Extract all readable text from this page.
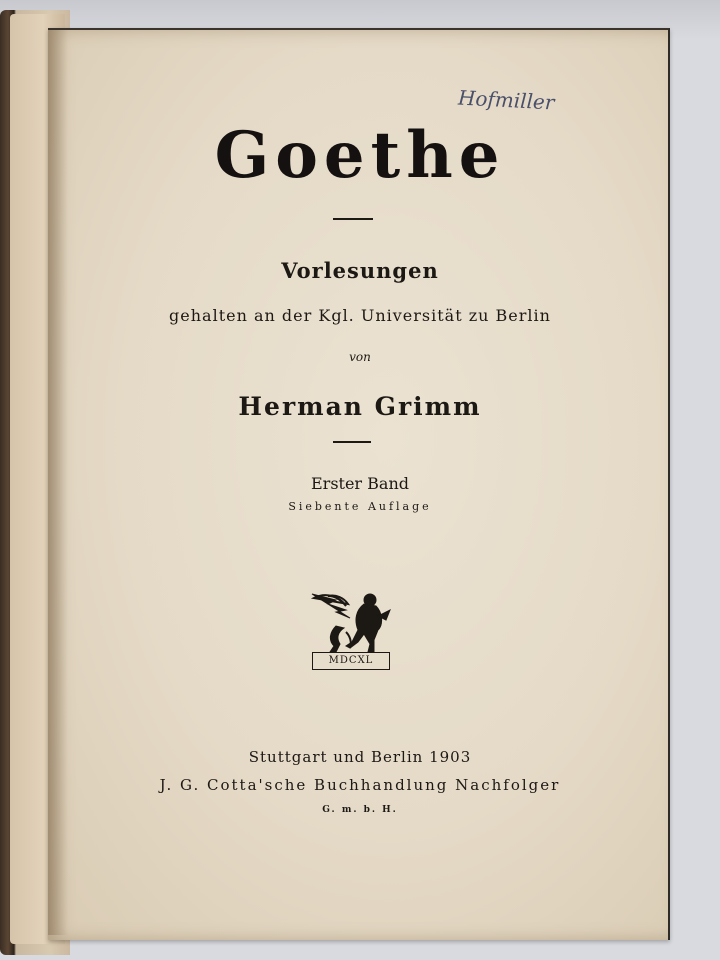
Hofmiller
Goethe
Vorlesungen
gehalten an der Kgl. Universität zu Berlin
von
Herman Grimm
Erster Band
Siebente Auflage
MDCXL
Stuttgart und Berlin 1903
J. G. Cotta'sche Buchhandlung Nachfolger
G. m. b. H.
